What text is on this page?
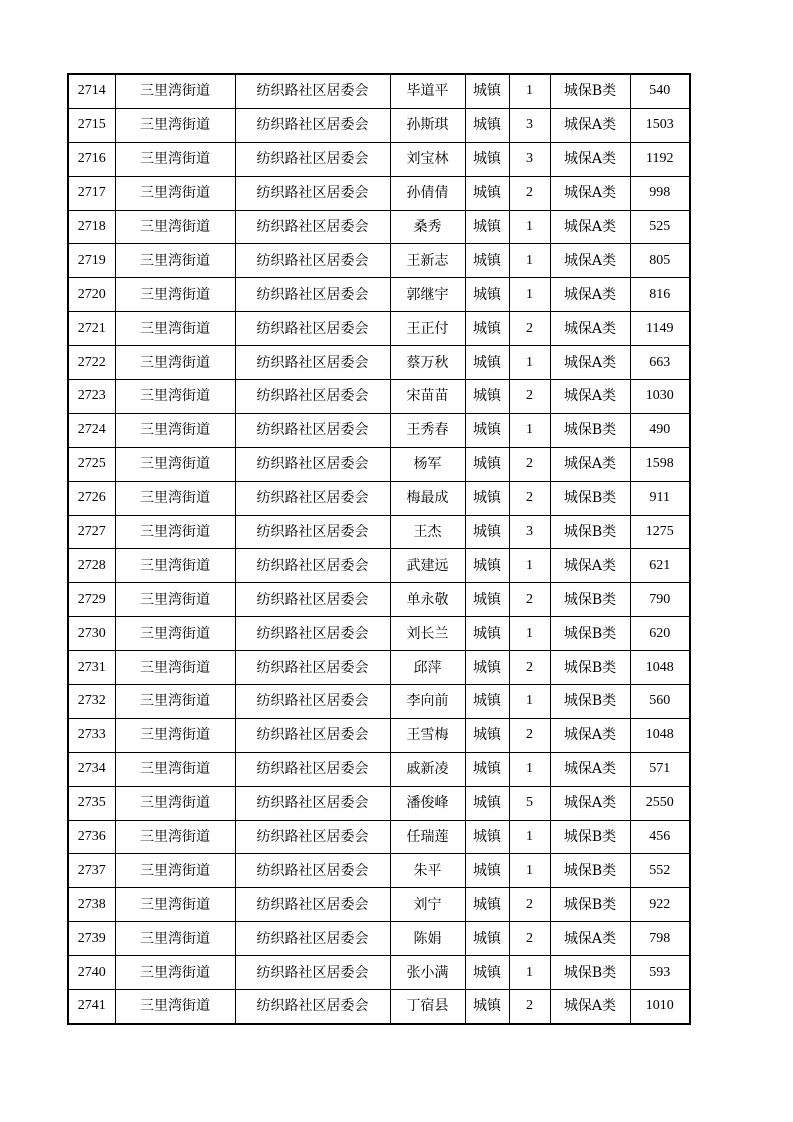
2714	三里湾街道	纺织路社区居委会	毕道平	城镇	1	城保B类	540
2715	三里湾街道	纺织路社区居委会	孙斯琪	城镇	3	城保A类	1503
2716	三里湾街道	纺织路社区居委会	刘宝林	城镇	3	城保A类	1192
2717	三里湾街道	纺织路社区居委会	孙倩倩	城镇	2	城保A类	998
2718	三里湾街道	纺织路社区居委会	桑秀	城镇	1	城保A类	525
2719	三里湾街道	纺织路社区居委会	王新志	城镇	1	城保A类	805
2720	三里湾街道	纺织路社区居委会	郭继宇	城镇	1	城保A类	816
2721	三里湾街道	纺织路社区居委会	王正付	城镇	2	城保A类	1149
2722	三里湾街道	纺织路社区居委会	蔡万秋	城镇	1	城保A类	663
2723	三里湾街道	纺织路社区居委会	宋苗苗	城镇	2	城保A类	1030
2724	三里湾街道	纺织路社区居委会	王秀春	城镇	1	城保B类	490
2725	三里湾街道	纺织路社区居委会	杨军	城镇	2	城保A类	1598
2726	三里湾街道	纺织路社区居委会	梅最成	城镇	2	城保B类	911
2727	三里湾街道	纺织路社区居委会	王杰	城镇	3	城保B类	1275
2728	三里湾街道	纺织路社区居委会	武建远	城镇	1	城保A类	621
2729	三里湾街道	纺织路社区居委会	单永敬	城镇	2	城保B类	790
2730	三里湾街道	纺织路社区居委会	刘长兰	城镇	1	城保B类	620
2731	三里湾街道	纺织路社区居委会	邱萍	城镇	2	城保B类	1048
2732	三里湾街道	纺织路社区居委会	李向前	城镇	1	城保B类	560
2733	三里湾街道	纺织路社区居委会	王雪梅	城镇	2	城保A类	1048
2734	三里湾街道	纺织路社区居委会	戚新凌	城镇	1	城保A类	571
2735	三里湾街道	纺织路社区居委会	潘俊峰	城镇	5	城保A类	2550
2736	三里湾街道	纺织路社区居委会	任瑞莲	城镇	1	城保B类	456
2737	三里湾街道	纺织路社区居委会	朱平	城镇	1	城保B类	552
2738	三里湾街道	纺织路社区居委会	刘宁	城镇	2	城保B类	922
2739	三里湾街道	纺织路社区居委会	陈娟	城镇	2	城保A类	798
2740	三里湾街道	纺织路社区居委会	张小满	城镇	1	城保B类	593
2741	三里湾街道	纺织路社区居委会	丁宿县	城镇	2	城保A类	1010
